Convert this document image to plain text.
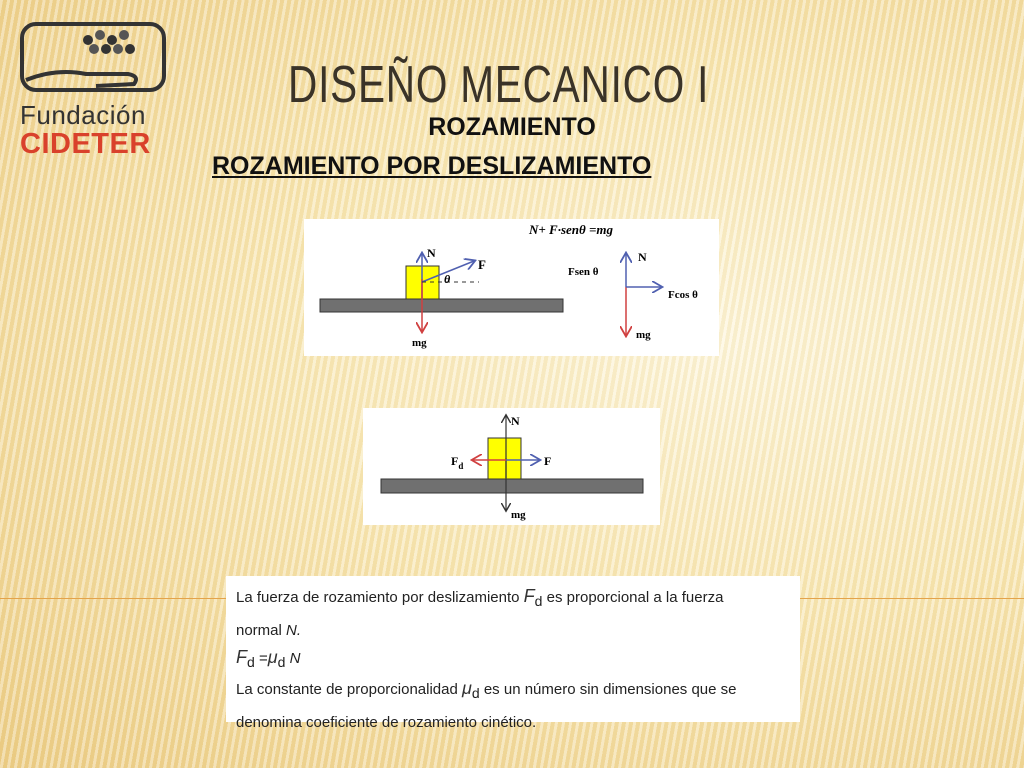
Fundación
CIDETER
DISEÑO MECANICO I
ROZAMIENTO
ROZAMIENTO POR DESLIZAMIENTO
N+ F·senθ =mg
N
F
θ
mg
N
Fsen θ
Fcos θ
mg
N
$F_d$	F
mg
La fuerza de rozamiento por deslizamiento Fd es proporcional a la fuerza
normal N.
Fd =μd N
La constante de proporcionalidad μd es un número sin dimensiones que se
denomina coeficiente de rozamiento cinético.
